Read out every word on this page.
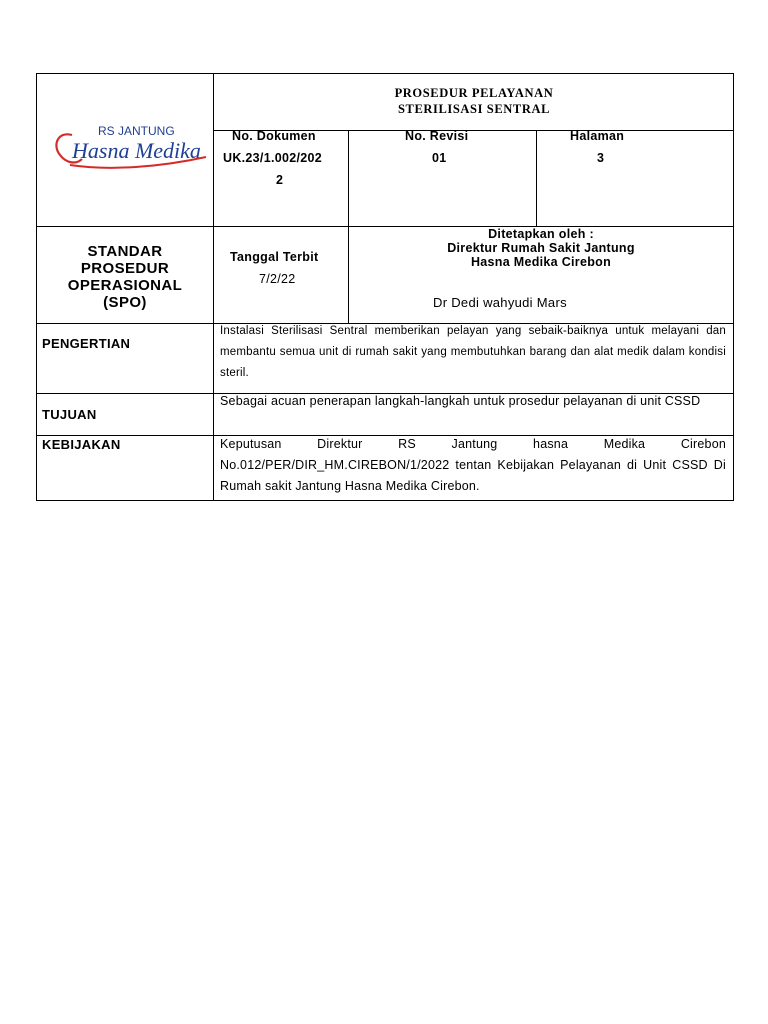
RS JANTUNG
Hasna Medika
PROSEDUR PELAYANAN
STERILISASI SENTRAL
No. Dokumen
UK.23/1.002/202
2
No. Revisi
01
Halaman
3
STANDAR
PROSEDUR
OPERASIONAL
(SPO)
Tanggal Terbit
7/2/22
Ditetapkan oleh :
Direktur Rumah Sakit Jantung
Hasna Medika Cirebon
Dr Dedi wahyudi Mars
PENGERTIAN
Instalasi Sterilisasi Sentral memberikan pelayan yang sebaik-baiknya untuk melayani dan membantu semua unit di rumah sakit yang membutuhkan barang dan alat medik dalam kondisi steril.
TUJUAN
Sebagai acuan penerapan langkah-langkah untuk prosedur pelayanan di unit CSSD
KEBIJAKAN	Keputusan Direktur RS Jantung hasna Medika Cirebon No.012/PER/DIR_HM.CIREBON/1/2022 tentan Kebijakan Pelayanan di Unit CSSD Di Rumah sakit Jantung Hasna Medika Cirebon.
